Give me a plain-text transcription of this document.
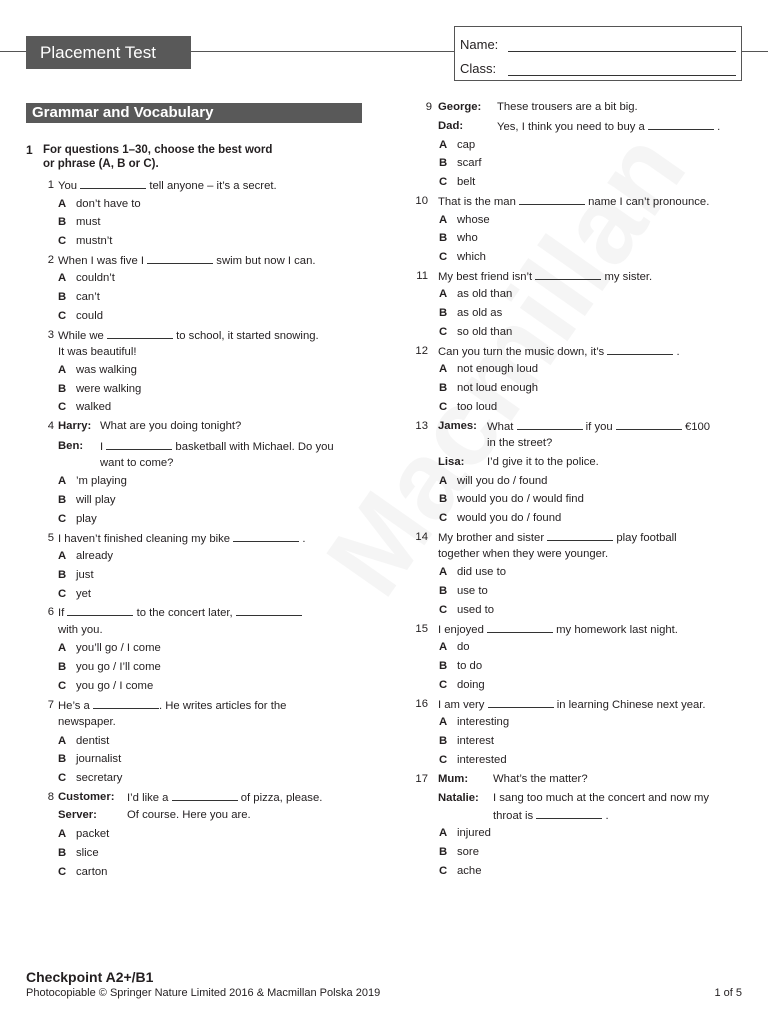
Placement Test	Name:
Class:
Grammar and Vocabulary
1 For questions 1–30, choose the best word
or phrase (A, B or C).
1 You	tell anyone – it’s a secret.
A don’t have to
B must
C mustn’t
2 When I was five I	swim but now I can.
A couldn’t
B can’t
C could
3 While we	to school, it started snowing.
It was beautiful!
A was walking
B were walking
C walked
4 Harry: What are you doing tonight?
Ben: I	basketball with Michael. Do you
want to come?
A ’m playing
B will play
C play
5 I haven’t finished cleaning my bike	.
A already
B just
C yet
6 If	to the concert later,
with you.
A you’ll go / I come
B you go / I’ll come
C you go / I come
7 He’s a	. He writes articles for the
newspaper.
A dentist
B journalist
C secretary
8 Customer: I’d like a	of pizza, please.
Server:	Of course. Here you are.
A packet
B slice
C carton
9 George: These trousers are a bit big.
Dad:	Yes, I think you need to buy a	.
A cap
B scarf
C belt
10 That is the man	name I can’t pronounce.
A whose
B who
C which
11 My best friend isn’t	my sister.
A as old than
B as old as
C so old than
12 Can you turn the music down, it’s	.
A not enough loud
B not loud enough
C too loud
13 James: What	if you	€100
in the street?
Lisa: I’d give it to the police.
A will you do / found
B would you do / would find
C would you do / found
14 My brother and sister	play football
together when they were younger.
A did use to
B use to
C used to
15 I enjoyed	my homework last night.
A do
B to do
C doing
16 I am very	in learning Chinese next year.
A interesting
B interest
C interested
17 Mum: What’s the matter?
Natalie: I sang too much at the concert and now my
throat is	.
A injured
B sore
C ache
Checkpoint A2+/B1
Photocopiable © Springer Nature Limited 2016 & Macmillan Polska 2019	1 of 5
